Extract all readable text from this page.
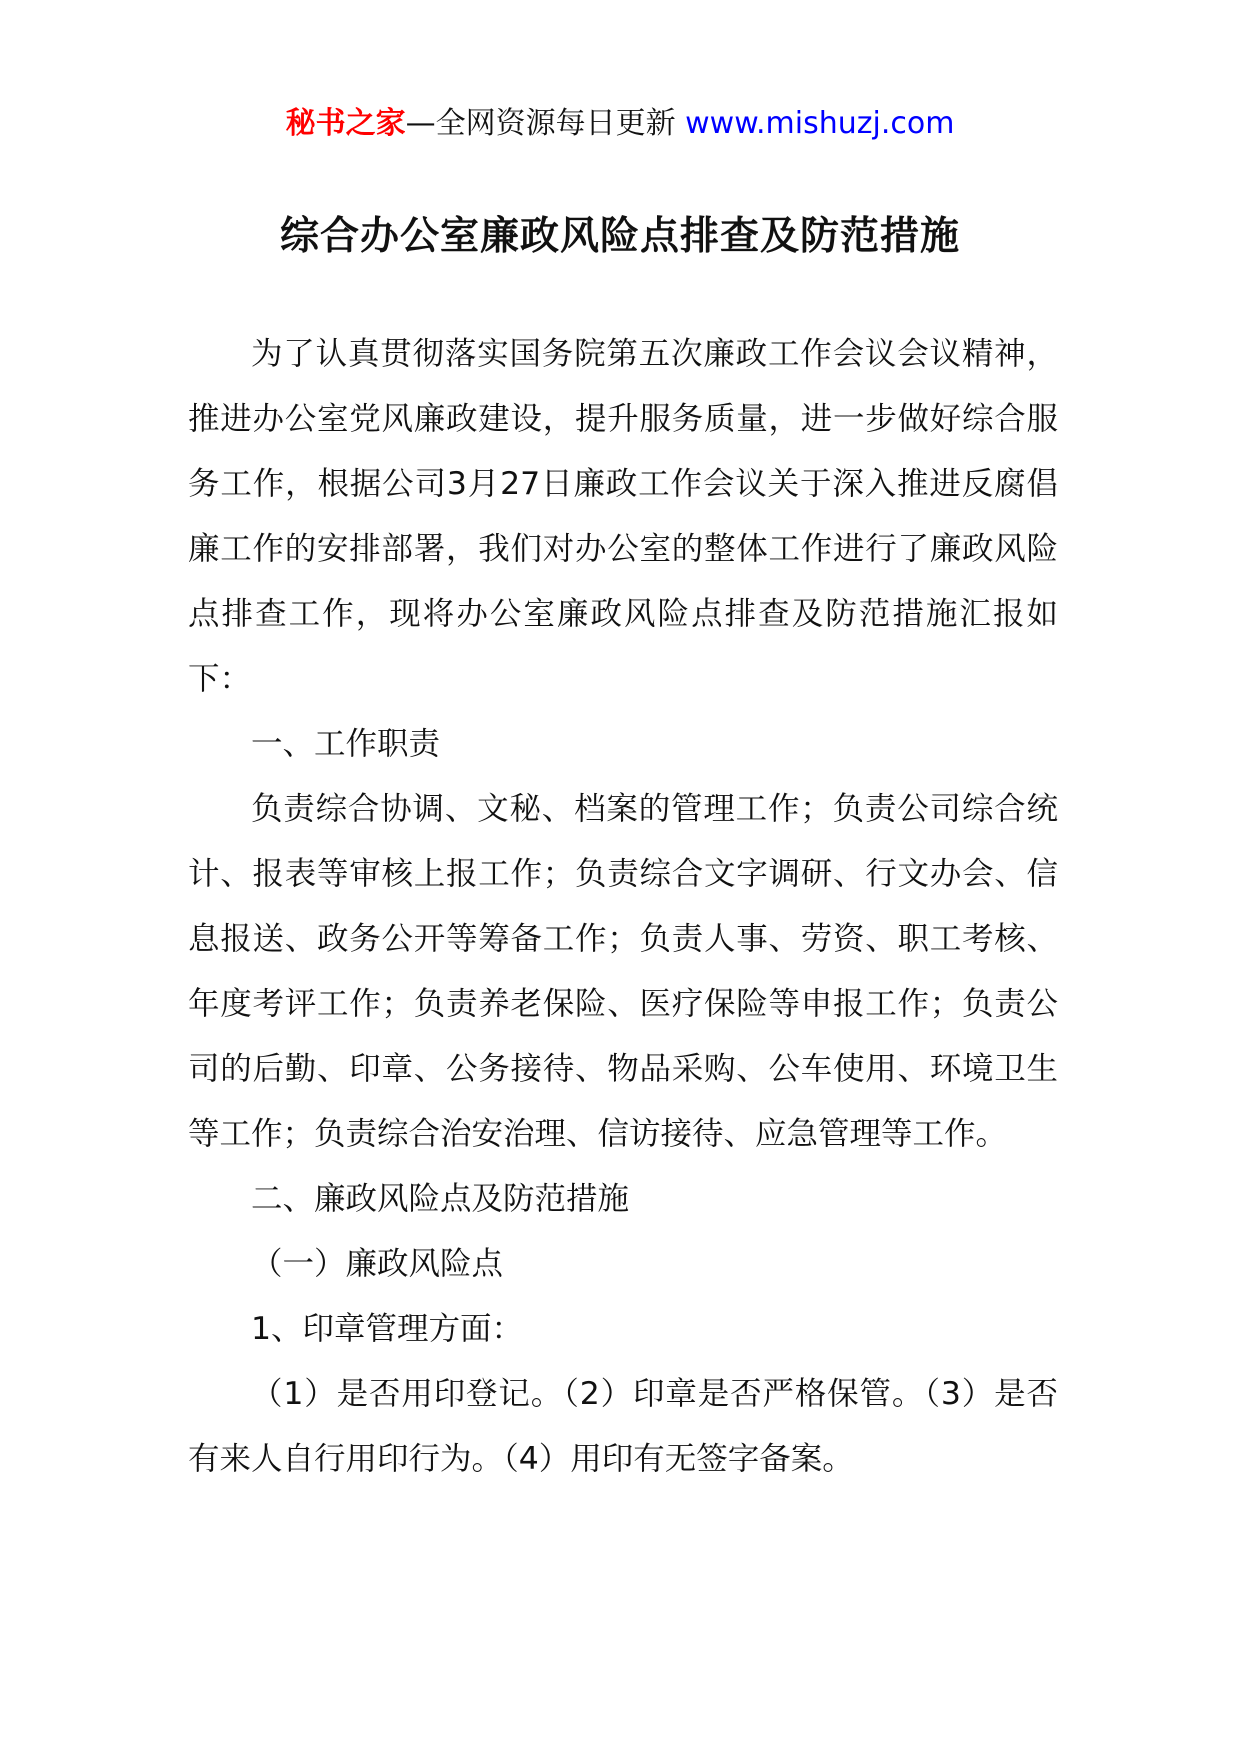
秘书之家—全网资源每日更新 www.mishuzj.com
综合办公室廉政风险点排查及防范措施

为了认真贯彻落实国务院第五次廉政工作会议会议精神，推进办公室党风廉政建设，提升服务质量，进一步做好综合服务工作，根据公司3月27日廉政工作会议关于深入推进反腐倡廉工作的安排部署，我们对办公室的整体工作进行了廉政风险点排查工作，现将办公室廉政风险点排查及防范措施汇报如下：

一、工作职责

负责综合协调、文秘、档案的管理工作；负责公司综合统计、报表等审核上报工作；负责综合文字调研、行文办会、信息报送、政务公开等筹备工作；负责人事、劳资、职工考核、年度考评工作；负责养老保险、医疗保险等申报工作；负责公司的后勤、印章、公务接待、物品采购、公车使用、环境卫生等工作；负责综合治安治理、信访接待、应急管理等工作。

二、廉政风险点及防范措施

（一）廉政风险点

1、印章管理方面：

（1）是否用印登记。（2）印章是否严格保管。（3）是否有来人自行用印行为。（4）用印有无签字备案。
